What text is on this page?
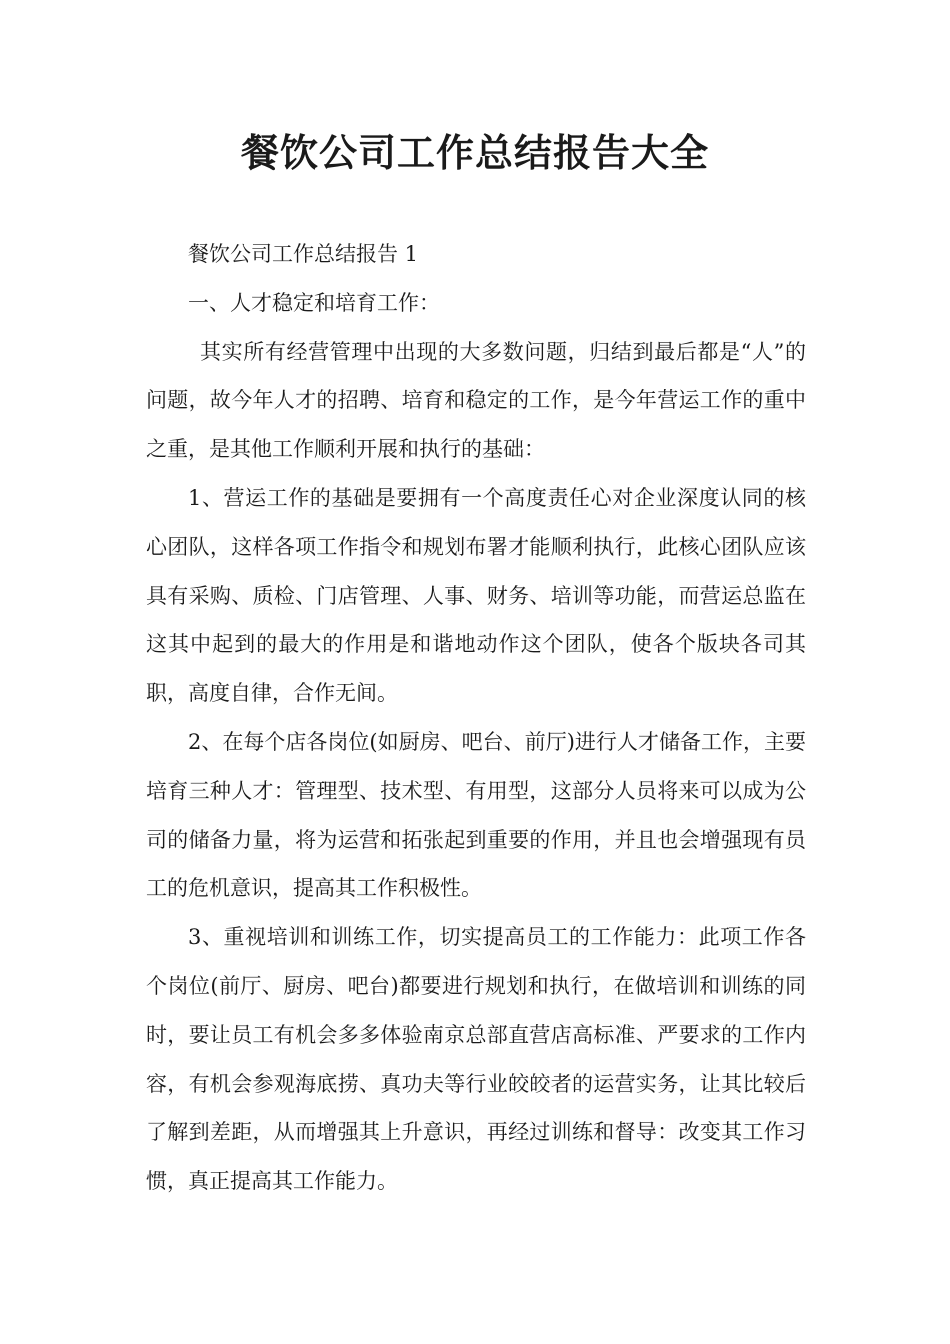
餐饮公司工作总结报告大全

餐饮公司工作总结报告 1

一、人才稳定和培育工作：

其实所有经营管理中出现的大多数问题，归结到最后都是“人”的问题，故今年人才的招聘、培育和稳定的工作，是今年营运工作的重中之重，是其他工作顺利开展和执行的基础：

1、营运工作的基础是要拥有一个高度责任心对企业深度认同的核心团队，这样各项工作指令和规划布署才能顺利执行，此核心团队应该具有采购、质检、门店管理、人事、财务、培训等功能，而营运总监在这其中起到的最大的作用是和谐地动作这个团队，使各个版块各司其职，高度自律，合作无间。

2、在每个店各岗位(如厨房、吧台、前厅)进行人才储备工作，主要培育三种人才：管理型、技术型、有用型，这部分人员将来可以成为公司的储备力量，将为运营和拓张起到重要的作用，并且也会增强现有员工的危机意识，提高其工作积极性。

3、重视培训和训练工作，切实提高员工的工作能力：此项工作各个岗位(前厅、厨房、吧台)都要进行规划和执行，在做培训和训练的同时，要让员工有机会多多体验南京总部直营店高标准、严要求的工作内容，有机会参观海底捞、真功夫等行业皎皎者的运营实务，让其比较后了解到差距，从而增强其上升意识，再经过训练和督导：改变其工作习惯，真正提高其工作能力。
